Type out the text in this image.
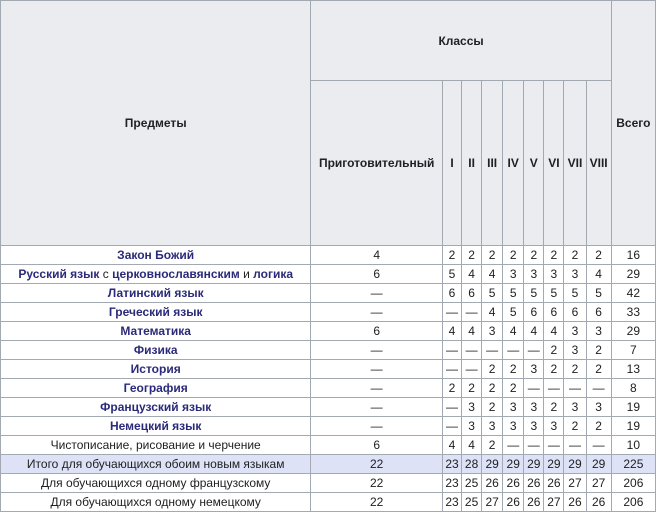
Предметы	Классы									Всего
	Приготовительный	I	II	III	IV	V	VI	VII	VIII	
Закон Божий	4	2	2	2	2	2	2	2	2	16
Русский язык с церковнославянским и логика	6	5	4	4	3	3	3	3	4	29
Латинский язык	—	6	6	5	5	5	5	5	5	42
Греческий язык	—	—	—	4	5	6	6	6	6	33
Математика	6	4	4	3	4	4	4	3	3	29
Физика	—	—	—	—	—	—	2	3	2	7
История	—	—	—	2	2	3	2	2	2	13
География	—	2	2	2	2	—	—	—	—	8
Французский язык	—	—	3	2	3	3	2	3	3	19
Немецкий язык	—	—	3	3	3	3	3	2	2	19
Чистописание, рисование и черчение	6	4	4	2	—	—	—	—	—	10
Итого для обучающихся обоим новым языкам	22	23	28	29	29	29	29	29	29	225
Для обучающихся одному французскому	22	23	25	26	26	26	26	27	27	206
Для обучающихся одному немецкому	22	23	25	27	26	26	27	26	26	206
